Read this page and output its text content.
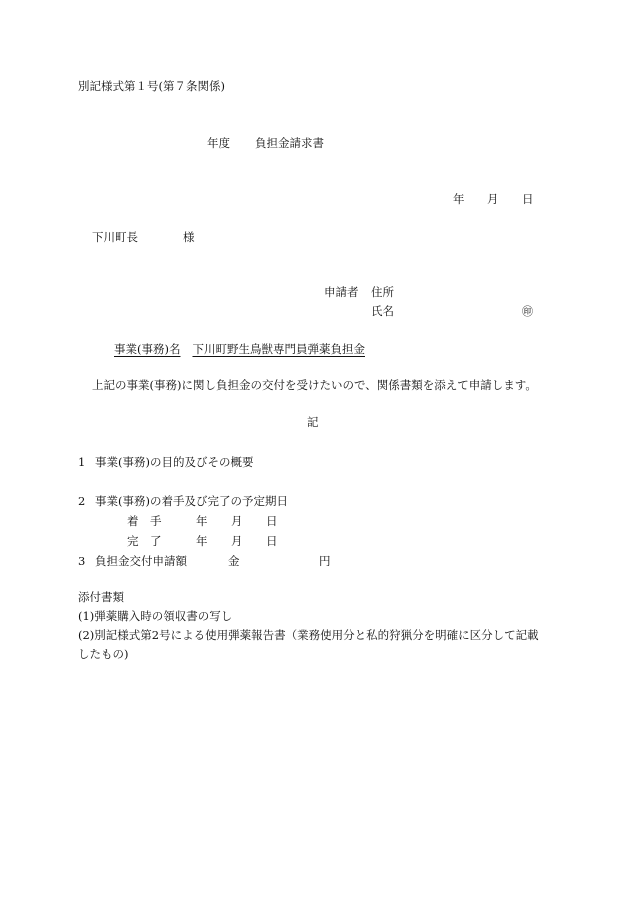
別記様式第１号(第７条関係)
年度 負担金請求書
年 月 日
下川町長	様
申請者 住所
氏名	㊞
事業(事務)名 下川町野生鳥獣専門員弾薬負担金
上記の事業(事務)に関し負担金の交付を受けたいので、関係書類を添えて申請します。
記
1 事業(事務)の目的及びその概要
2 事業(事務)の着手及び完了の予定期日
着　手	年 月 日
完　了	年 月 日
3 負担金交付申請額	金	円
添付書類
(1)弾薬購入時の領収書の写し
(2)別記様式第2号による使用弾薬報告書（業務使用分と私的狩猟分を明確に区分して記載
したもの)
